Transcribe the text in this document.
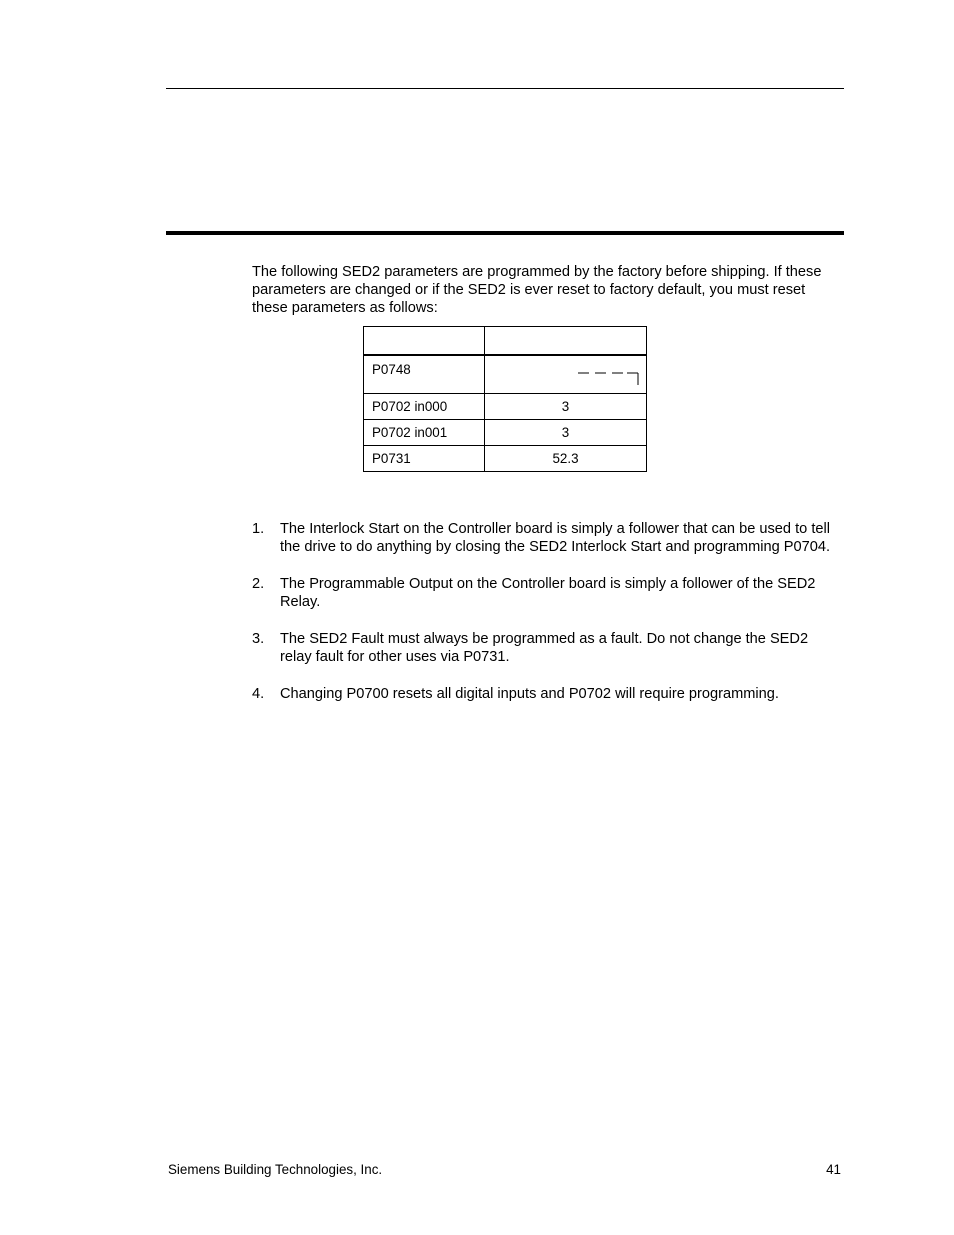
The following SED2 parameters are programmed by the factory before shipping. If these parameters are changed or if the SED2 is ever reset to factory default, you must reset these parameters as follows:

P0748	

P0702 in000	3
P0702 in001	3
P0731	52.3
1. The Interlock Start on the Controller board is simply a follower that can be used to tell the drive to do anything by closing the SED2 Interlock Start and programming P0704.
2. The Programmable Output on the Controller board is simply a follower of the SED2 Relay.
3. The SED2 Fault must always be programmed as a fault. Do not change the SED2 relay fault for other uses via P0731.
4. Changing P0700 resets all digital inputs and P0702 will require programming.
Siemens Building Technologies, Inc.	41
